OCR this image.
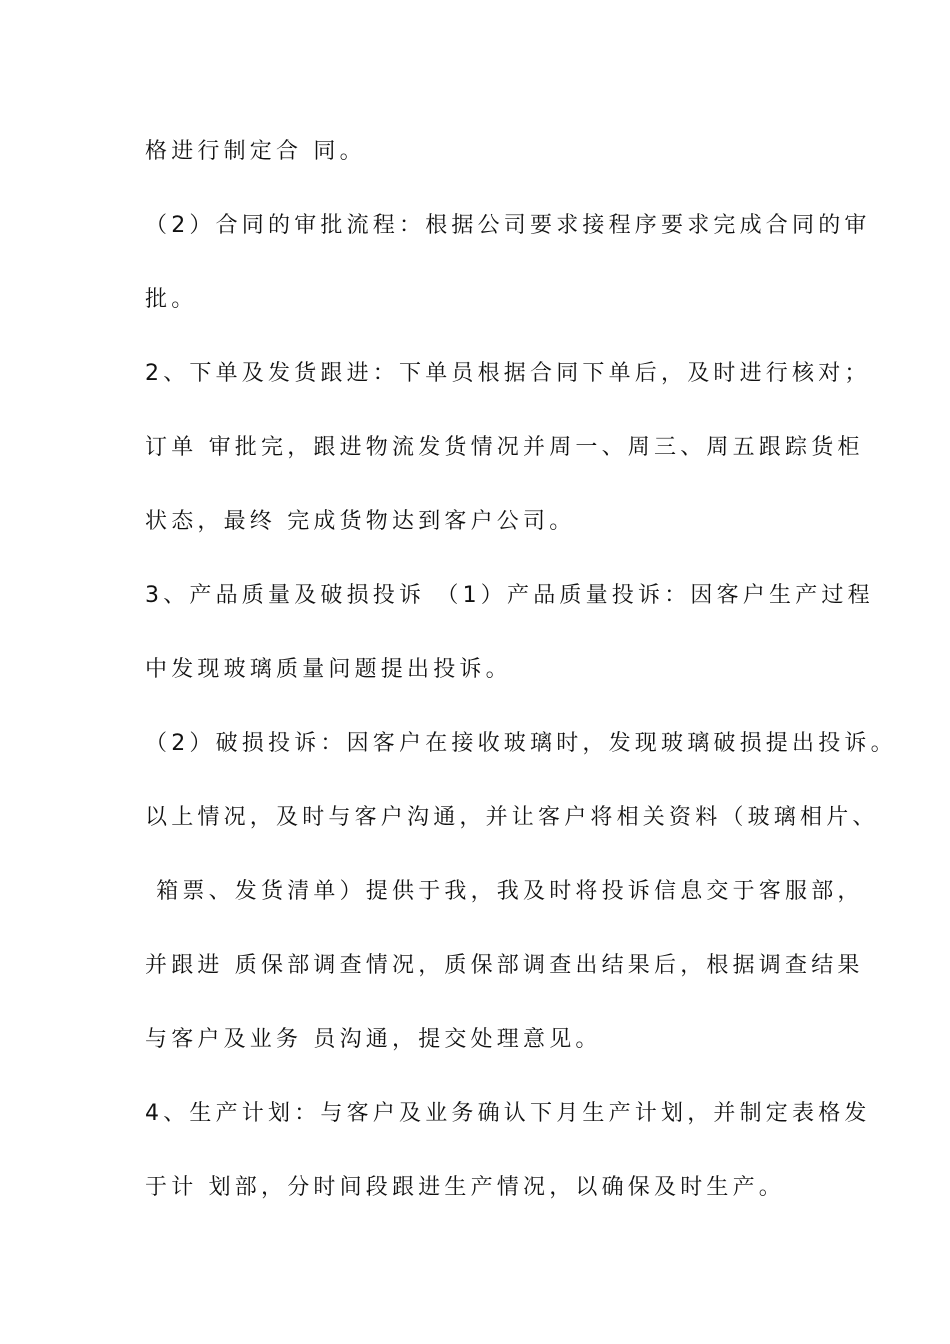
格进行制定合 同。
（2）合同的审批流程：根据公司要求接程序要求完成合同的审
批。
2、下单及发货跟进：下单员根据合同下单后，及时进行核对；
订单 审批完，跟进物流发货情况并周一、周三、周五跟踪货柜
状态，最终 完成货物达到客户公司。
3、产品质量及破损投诉 （1）产品质量投诉：因客户生产过程
中发现玻璃质量问题提出投诉。
（2）破损投诉：因客户在接收玻璃时，发现玻璃破损提出投诉。
以上情况，及时与客户沟通，并让客户将相关资料（玻璃相片、
箱票、发货清单）提供于我，我及时将投诉信息交于客服部，
并跟进 质保部调查情况，质保部调查出结果后，根据调查结果
与客户及业务 员沟通，提交处理意见。
4、生产计划：与客户及业务确认下月生产计划，并制定表格发
于计 划部，分时间段跟进生产情况，以确保及时生产。
